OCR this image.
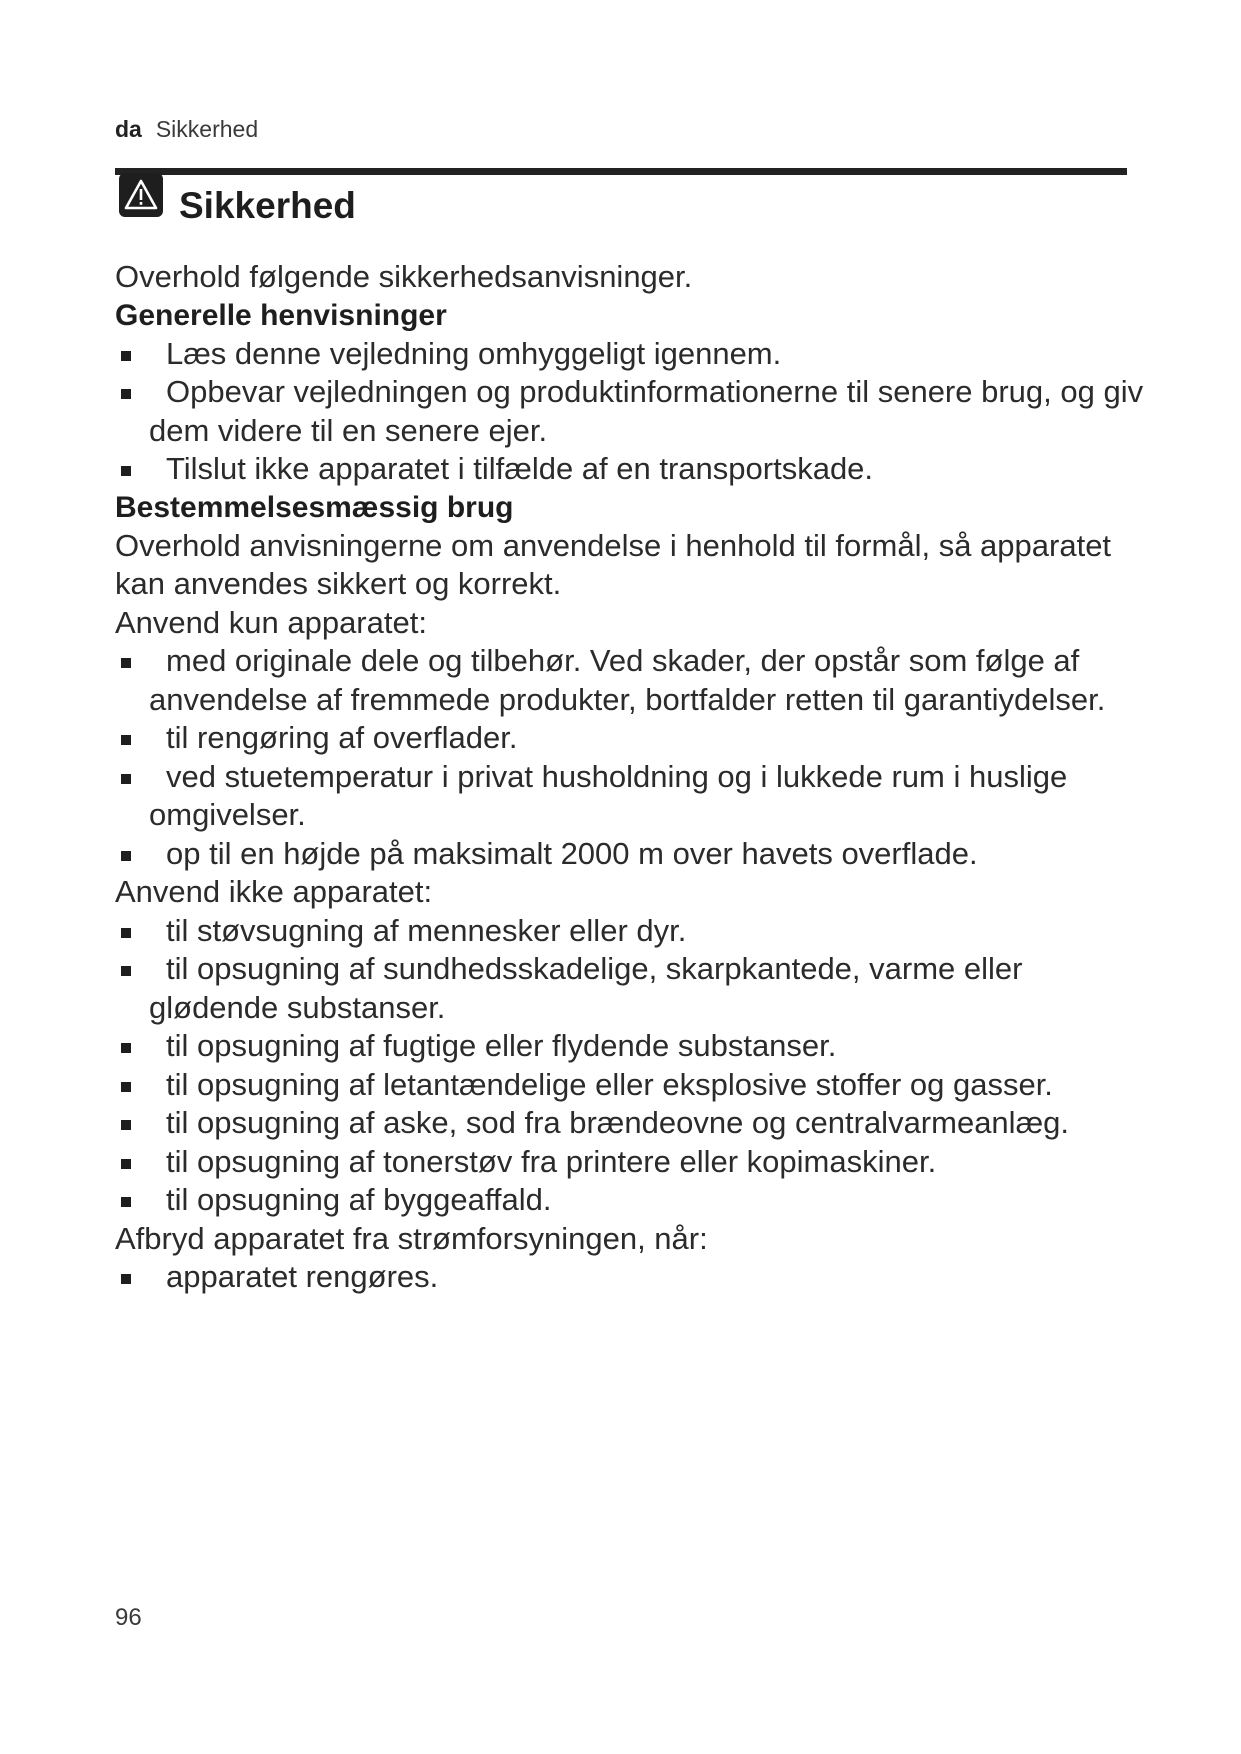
da Sikkerhed
Sikkerhed

Overhold følgende sikkerhedsanvisninger.

Generelle henvisninger
Læs denne vejledning omhyggeligt igennem.
Opbevar vejledningen og produktinformationerne til senere brug, og giv dem videre til en senere ejer.
Tilslut ikke apparatet i tilfælde af en transportskade.
Bestemmelsesmæssig brug

Overhold anvisningerne om anvendelse i henhold til formål, så apparatet kan anvendes sikkert og korrekt.

Anvend kun apparatet:

med originale dele og tilbehør. Ved skader, der opstår som følge af anvendelse af fremmede produkter, bortfalder retten til garantiydelser.
til rengøring af overflader.
ved stuetemperatur i privat husholdning og i lukkede rum i huslige omgivelser.
op til en højde på maksimalt 2000 m over havets overflade.

Anvend ikke apparatet:

til støvsugning af mennesker eller dyr.
til opsugning af sundhedsskadelige, skarpkantede, varme eller glødende substanser.
til opsugning af fugtige eller flydende substanser.
til opsugning af letantændelige eller eksplosive stoffer og gasser.
til opsugning af aske, sod fra brændeovne og centralvarmeanlæg.
til opsugning af tonerstøv fra printere eller kopimaskiner.
til opsugning af byggeaffald.

Afbryd apparatet fra strømforsyningen, når:

apparatet rengøres.
96
